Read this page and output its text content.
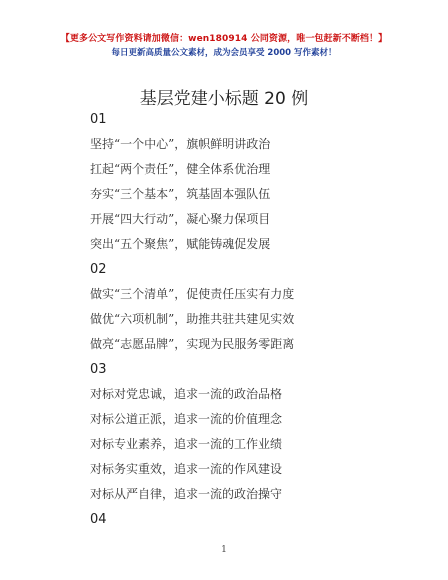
【更多公文写作资料请加微信：wen180914 公同资源，唯一包赶新不断档！】
每日更新高质量公文素材，成为会员享受 2000 写作素材！
基层党建小标题 20 例
01
坚持“一个中心”，旗帜鲜明讲政治
扛起“两个责任”，健全体系优治理
夯实“三个基本”，筑基固本强队伍
开展“四大行动”，凝心聚力保项目
突出“五个聚焦”，赋能铸魂促发展
02
做实“三个清单”，促使责任压实有力度
做优“六项机制”，助推共驻共建见实效
做亮“志愿品牌”，实现为民服务零距离
03
对标对党忠诚，追求一流的政治品格
对标公道正派，追求一流的价值理念
对标专业素养，追求一流的工作业绩
对标务实重效，追求一流的作风建设
对标从严自律，追求一流的政治操守
04
1
